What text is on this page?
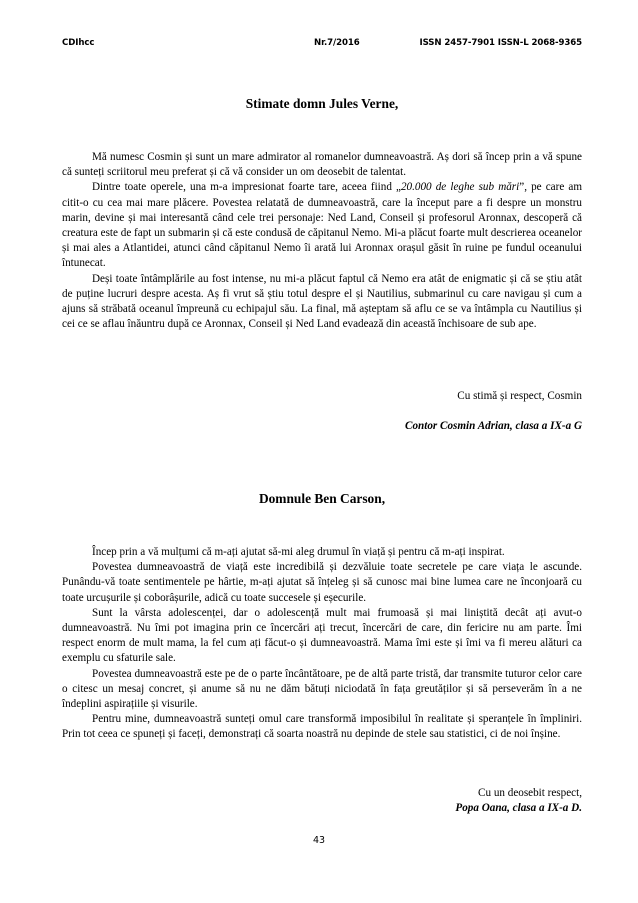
CDIhcc	Nr.7/2016	ISSN 2457-7901 ISSN-L 2068-9365
Stimate domn Jules Verne,

Mă numesc Cosmin și sunt un mare admirator al romanelor dumneavoastră. Aș dori să încep prin a vă spune că sunteți scriitorul meu preferat și că vă consider un om deosebit de talentat.

Dintre toate operele, una m-a impresionat foarte tare, aceea fiind „20.000 de leghe sub mări”, pe care am citit-o cu cea mai mare plăcere. Povestea relatată de dumneavoastră, care la început pare a fi despre un monstru marin, devine și mai interesantă când cele trei personaje: Ned Land, Conseil și profesorul Aronnax, descoperă că creatura este de fapt un submarin și că este condusă de căpitanul Nemo. Mi-a plăcut foarte mult descrierea oceanelor și mai ales a Atlantidei, atunci când căpitanul Nemo îi arată lui Aronnax orașul găsit în ruine pe fundul oceanului întunecat.

Deși toate întâmplările au fost intense, nu mi-a plăcut faptul că Nemo era atât de enigmatic și că se știu atât de puține lucruri despre acesta. Aș fi vrut să știu totul despre el și Nautilius, submarinul cu care navigau și cum a ajuns să străbată oceanul împreună cu echipajul său. La final, mă așteptam să aflu ce se va întâmpla cu Nautilius și cei ce se aflau înăuntru după ce Aronnax, Conseil și Ned Land evadează din această închisoare de sub ape.

Cu stimă și respect, Cosmin
Contor Cosmin Adrian, clasa a IX-a G
Domnule Ben Carson,

Încep prin a vă mulțumi că m-ați ajutat să-mi aleg drumul în viață și pentru că m-ați inspirat.

Povestea dumneavoastră de viață este incredibilă și dezvăluie toate secretele pe care viața le ascunde. Punându-vă toate sentimentele pe hârtie, m-ați ajutat să înțeleg și să cunosc mai bine lumea care ne înconjoară cu toate urcușurile și coborâșurile, adică cu toate succesele și eșecurile.

Sunt la vârsta adolescenței, dar o adolescență mult mai frumoasă și mai liniștită decât ați avut-o dumneavoastră. Nu îmi pot imagina prin ce încercări ați trecut, încercări de care, din fericire nu am parte. Îmi respect enorm de mult mama, la fel cum ați făcut-o și dumneavoastră. Mama îmi este și îmi va fi mereu alături ca exemplu cu sfaturile sale.

Povestea dumneavoastră este pe de o parte încântătoare, pe de altă parte tristă, dar transmite tuturor celor care o citesc un mesaj concret, și anume să nu ne dăm bătuți niciodată în fața greutăților și să perseverăm în a ne îndeplini aspirațiile și visurile.

Pentru mine, dumneavoastră sunteți omul care transformă imposibilul în realitate și speranțele în împliniri. Prin tot ceea ce spuneți și faceți, demonstrați că soarta noastră nu depinde de stele sau statistici, ci de noi înșine.

Cu un deosebit respect,
Popa Oana, clasa a IX-a D.
43
